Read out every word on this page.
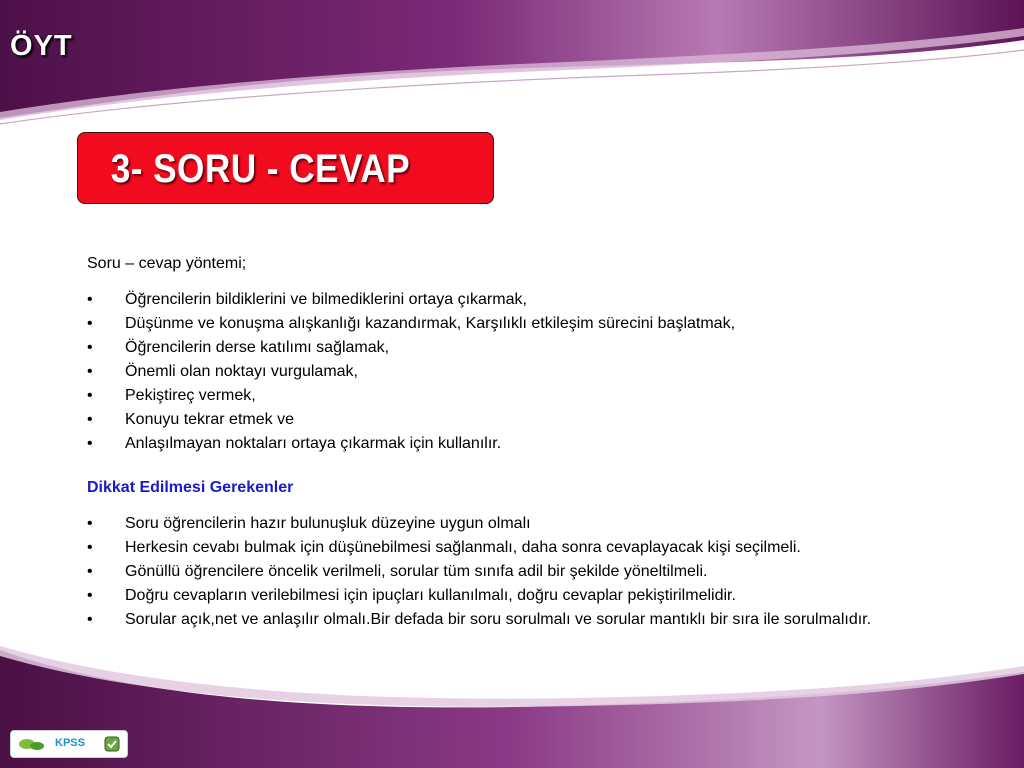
ÖYT
3- SORU - CEVAP
Soru – cevap yöntemi;
•	Öğrencilerin bildiklerini ve bilmediklerini ortaya çıkarmak,
•	Düşünme ve konuşma alışkanlığı kazandırmak, Karşılıklı etkileşim sürecini başlatmak,
•	Öğrencilerin derse katılımı sağlamak,
•	Önemli olan noktayı vurgulamak,
•	Pekiştireç vermek,
•	Konuyu tekrar etmek ve
•	Anlaşılmayan noktaları ortaya çıkarmak için kullanılır.
Dikkat Edilmesi Gerekenler
•	Soru öğrencilerin hazır bulunuşluk düzeyine uygun olmalı
•	Herkesin cevabı bulmak için düşünebilmesi sağlanmalı, daha sonra cevaplayacak kişi seçilmeli.
•	Gönüllü öğrencilere öncelik verilmeli, sorular tüm sınıfa adil bir şekilde yöneltilmeli.
•	Doğru cevapların verilebilmesi için ipuçları kullanılmalı, doğru cevaplar pekiştirilmelidir.
•	Sorular açık,net ve anlaşılır olmalı.Bir defada bir soru sorulmalı ve sorular mantıklı bir sıra ile sorulmalıdır.
KPSS
